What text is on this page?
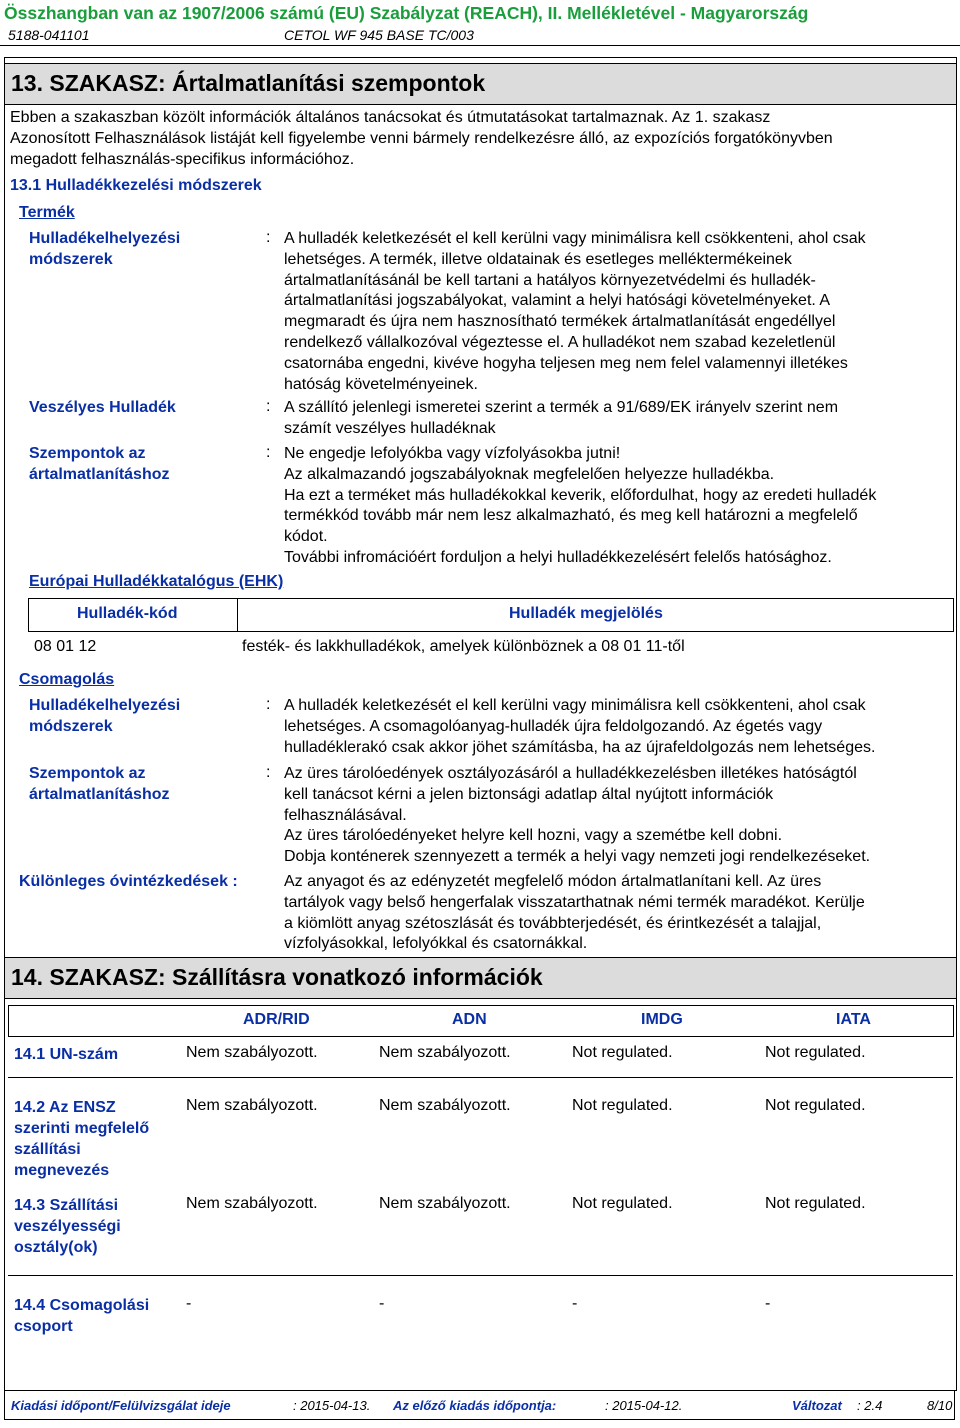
Összhangban van az 1907/2006 számú (EU) Szabályzat (REACH), II. Mellékletével - Magyarország
5188-041101	CETOL WF 945 BASE TC/003
13. SZAKASZ: Ártalmatlanítási szempontok
Ebben a szakaszban közölt információk általános tanácsokat és útmutatásokat tartalmaznak. Az 1. szakasz
Azonosított Felhasználások listáját kell figyelembe venni bármely rendelkezésre álló, az expozíciós forgatókönyvben
megadott felhasználás-specifikus információhoz.
13.1 Hulladékkezelési módszerek
Termék
Hulladékelhelyezési
módszerek
: A hulladék keletkezését el kell kerülni vagy minimálisra kell csökkenteni, ahol csak
lehetséges. A termék, illetve oldatainak és esetleges melléktermékeinek
ártalmatlanításánál be kell tartani a hatályos környezetvédelmi és hulladék-
ártalmatlanítási jogszabályokat, valamint a helyi hatósági követelményeket. A
megmaradt és újra nem hasznosítható termékek ártalmatlanítását engedéllyel
rendelkező vállalkozóval végeztesse el. A hulladékot nem szabad kezeletlenül
csatornába engedni, kivéve hogyha teljesen meg nem felel valamennyi illetékes
hatóság követelményeinek.
Veszélyes Hulladék	: A szállító jelenlegi ismeretei szerint a termék a 91/689/EK irányelv szerint nem
számít veszélyes hulladéknak
Szempontok az
ártalmatlanításhoz
: Ne engedje lefolyókba vagy vízfolyásokba jutni!
Az alkalmazandó jogszabályoknak megfelelően helyezze hulladékba.
Ha ezt a terméket más hulladékokkal keverik, előfordulhat, hogy az eredeti hulladék
termékkód tovább már nem lesz alkalmazható, és meg kell határozni a megfelelő
kódot.
További infromációért forduljon a helyi hulladékkezelésért felelős hatósághoz.
Európai Hulladékkatalógus (EHK)
Hulladék-kód	Hulladék megjelölés
08 01 12	festék- és lakkhulladékok, amelyek különböznek a 08 01 11-től
Csomagolás
Hulladékelhelyezési
módszerek
: A hulladék keletkezését el kell kerülni vagy minimálisra kell csökkenteni, ahol csak
lehetséges. A csomagolóanyag-hulladék újra feldolgozandó. Az égetés vagy
hulladéklerakó csak akkor jöhet számításba, ha az újrafeldolgozás nem lehetséges.
Szempontok az
ártalmatlanításhoz
: Az üres tárolóedények osztályozásáról a hulladékkezelésben illetékes hatóságtól
kell tanácsot kérni a jelen biztonsági adatlap által nyújtott információk
felhasználásával.
Az üres tárolóedényeket helyre kell hozni, vagy a szemétbe kell dobni.
Dobja konténerek szennyezett a termék a helyi vagy nemzeti jogi rendelkezéseket.
Különleges óvintézkedések :	Az anyagot és az edényzetét megfelelő módon ártalmatlanítani kell. Az üres
tartályok vagy belső hengerfalak visszatarthatnak némi termék maradékot. Kerülje
a kiömlött anyag szétoszlását és továbbterjedését, és érintkezését a talajjal,
vízfolyásokkal, lefolyókkal és csatornákkal.
14. SZAKASZ: Szállításra vonatkozó információk
ADR/RID	ADN	IMDG	IATA
14.1 UN-szám	Nem szabályozott.	Nem szabályozott.	Not regulated.	Not regulated.
14.2 Az ENSZ
szerinti megfelelő
szállítási
megnevezés
Nem szabályozott.	Nem szabályozott.	Not regulated.	Not regulated.
14.3 Szállítási
veszélyességi
osztály(ok)
Nem szabályozott.	Nem szabályozott.	Not regulated.	Not regulated.
14.4 Csomagolási
csoport
-	-	-	-
Kiadási időpont/Felülvizsgálat ideje	: 2015-04-13. Az előző kiadás időpontja:	: 2015-04-12.	Változat : 2.4	8/10
